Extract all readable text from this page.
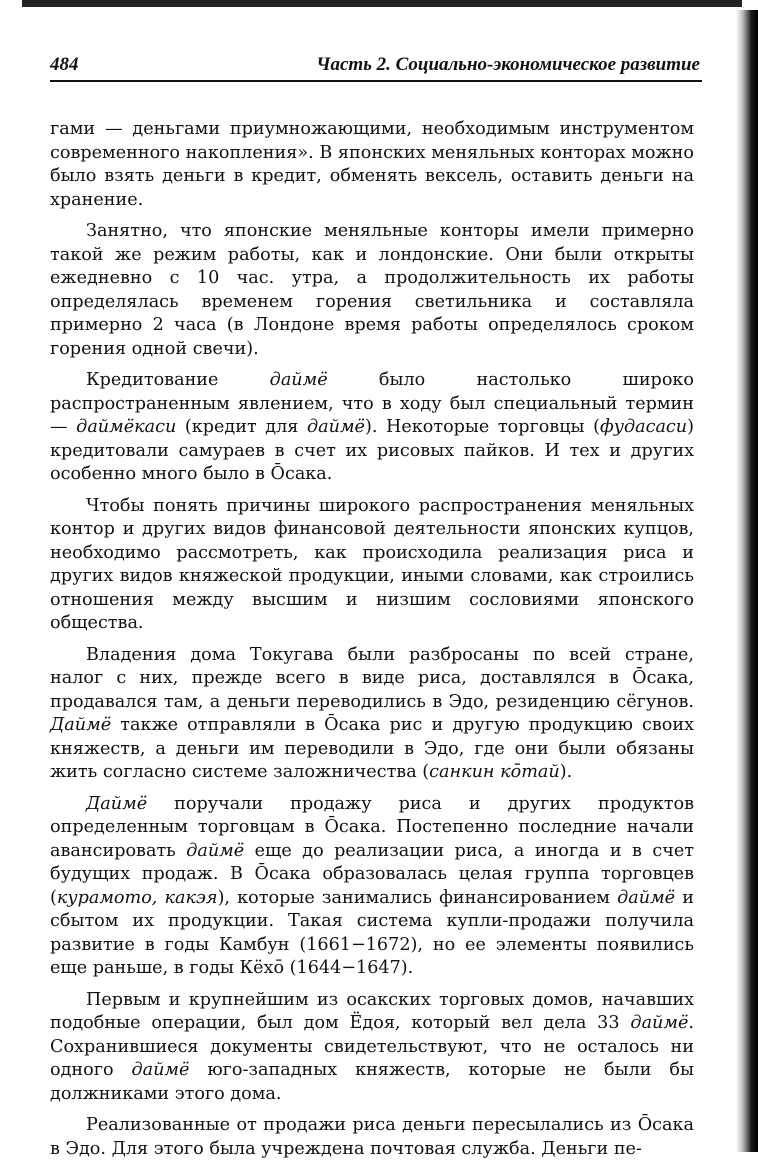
484	Часть 2. Социально-экономическое развитие

гами — деньгами приумножающими, необходимым инструментом современного накопления». В японских меняльных конторах можно было взять деньги в кредит, обменять вексель, оставить деньги на хранение.

Занятно, что японские меняльные конторы имели примерно такой же режим работы, как и лондонские. Они были открыты ежедневно с 10 час. утра, а продолжительность их работы определялась временем горения светильника и составляла примерно 2 часа (в Лондоне время работы определялось сроком горения одной свечи).

Кредитование даймё было настолько широко распространенным явлением, что в ходу был специальный термин — даймёкаси (кредит для даймё). Некоторые торговцы (фудасаси) кредитовали самураев в счет их рисовых пайков. И тех и других особенно много было в Ōсака.

Чтобы понять причины широкого распространения меняльных контор и других видов финансовой деятельности японских купцов, необходимо рассмотреть, как происходила реализация риса и других видов княжеской продукции, иными словами, как строились отношения между высшим и низшим сословиями японского общества.

Владения дома Токугава были разбросаны по всей стране, налог с них, прежде всего в виде риса, доставлялся в Ōсака, продавался там, а деньги переводились в Эдо, резиденцию сёгунов. Даймё также отправляли в Ōсака рис и другую продукцию своих княжеств, а деньги им переводили в Эдо, где они были обязаны жить согласно системе заложничества (санкин кōтай).

Даймё поручали продажу риса и других продуктов определенным торговцам в Ōсака. Постепенно последние начали авансировать даймё еще до реализации риса, а иногда и в счет будущих продаж. В Ōсака образовалась целая группа торговцев (курамото, какэя), которые занимались финансированием даймё и сбытом их продукции. Такая система купли-продажи получила развитие в годы Камбун (1661−1672), но ее элементы появились еще раньше, в годы Кёхō (1644−1647).

Первым и крупнейшим из осакских торговых домов, начавших подобные операции, был дом Ёдоя, который вел дела 33 даймё. Сохранившиеся документы свидетельствуют, что не осталось ни одного даймё юго-западных княжеств, которые не были бы должниками этого дома.

Реализованные от продажи риса деньги пересылались из Ōсака в Эдо. Для этого была учреждена почтовая служба. Деньги пе-
